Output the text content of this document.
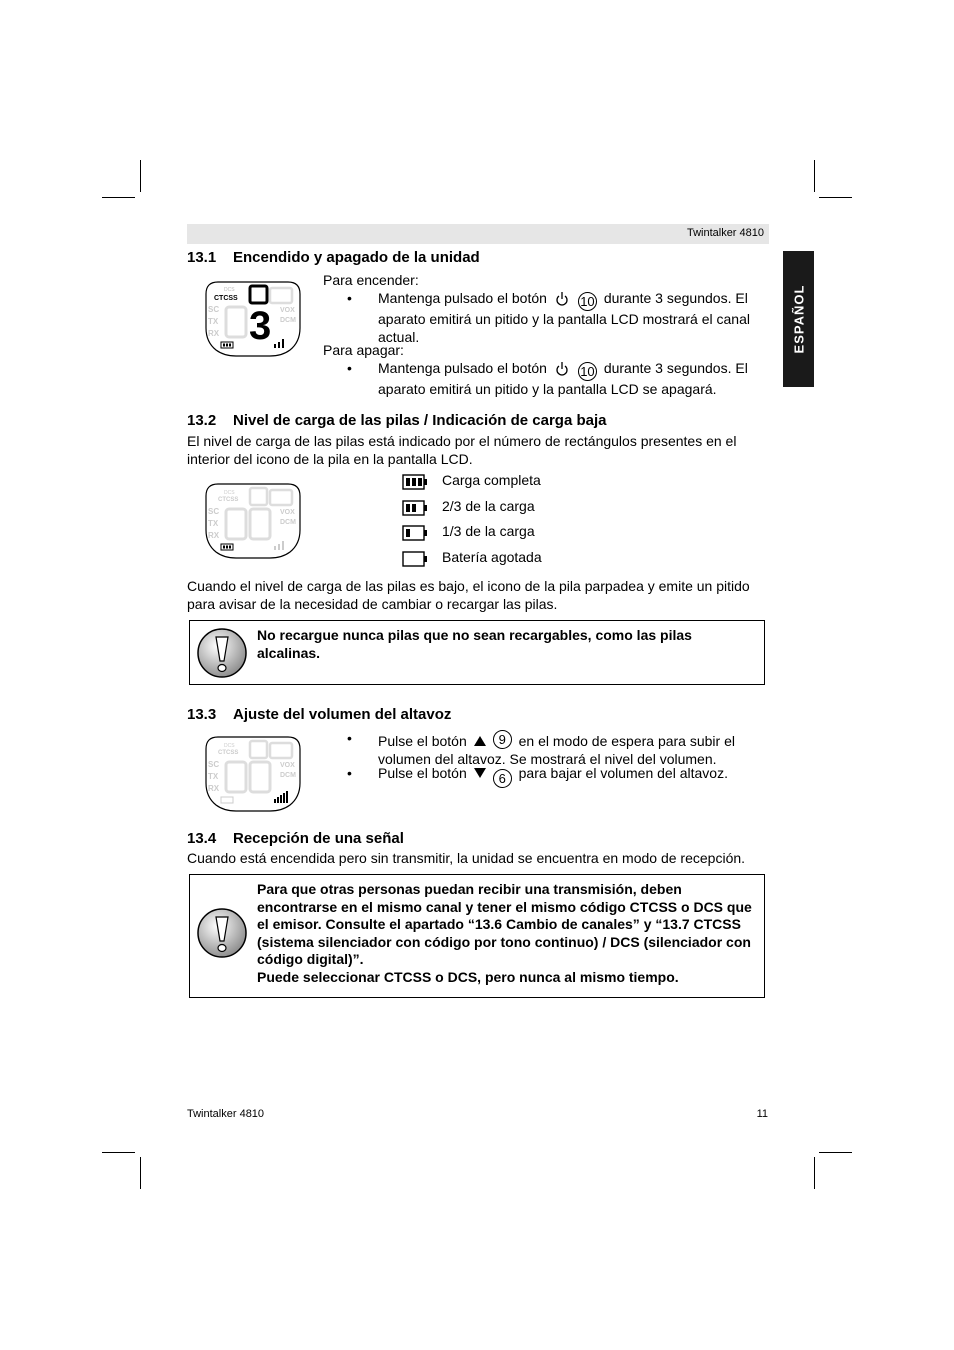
Twintalker 4810
ESPAÑOL
13.1 Encendido y apagado de la unidad
CTCSS
DCS
SC
TX
RX
VOX
DCM
3
Para encender:
• Mantenga pulsado el botón	10 durante 3 segundos. El aparato emitirá un pitido y la pantalla LCD mostrará el canal actual.
Para apagar:
• Mantenga pulsado el botón	10 durante 3 segundos. El aparato emitirá un pitido y la pantalla LCD se apagará.
13.2 Nivel de carga de las pilas / Indicación de carga baja
El nivel de carga de las pilas está indicado por el número de rectángulos presentes en el interior del icono de la pila en la pantalla LCD.
CTCSS
DCS
SC
TX
RX
VOX
DCM
Carga completa
2/3 de la carga
1/3 de la carga
Batería agotada
Cuando el nivel de carga de las pilas es bajo, el icono de la pila parpadea y emite un pitido para avisar de la necesidad de cambiar o recargar las pilas.
No recargue nunca pilas que no sean recargables, como las pilas alcalinas.
13.3 Ajuste del volumen del altavoz
CTCSS
DCS
SC
TX
RX
VOX
DCM
• Pulse el botón 9 en el modo de espera para subir el volumen del altavoz. Se mostrará el nivel del volumen.
• Pulse el botón 6 para bajar el volumen del altavoz.
13.4 Recepción de una señal
Cuando está encendida pero sin transmitir, la unidad se encuentra en modo de recepción.
Para que otras personas puedan recibir una transmisión, deben encontrarse en el mismo canal y tener el mismo código CTCSS o DCS que el emisor. Consulte el apartado “13.6 Cambio de canales” y “13.7 CTCSS (sistema silenciador con código por tono continuo) / DCS (silenciador con código digital)”.
Puede seleccionar CTCSS o DCS, pero nunca al mismo tiempo.
Twintalker 4810	11
